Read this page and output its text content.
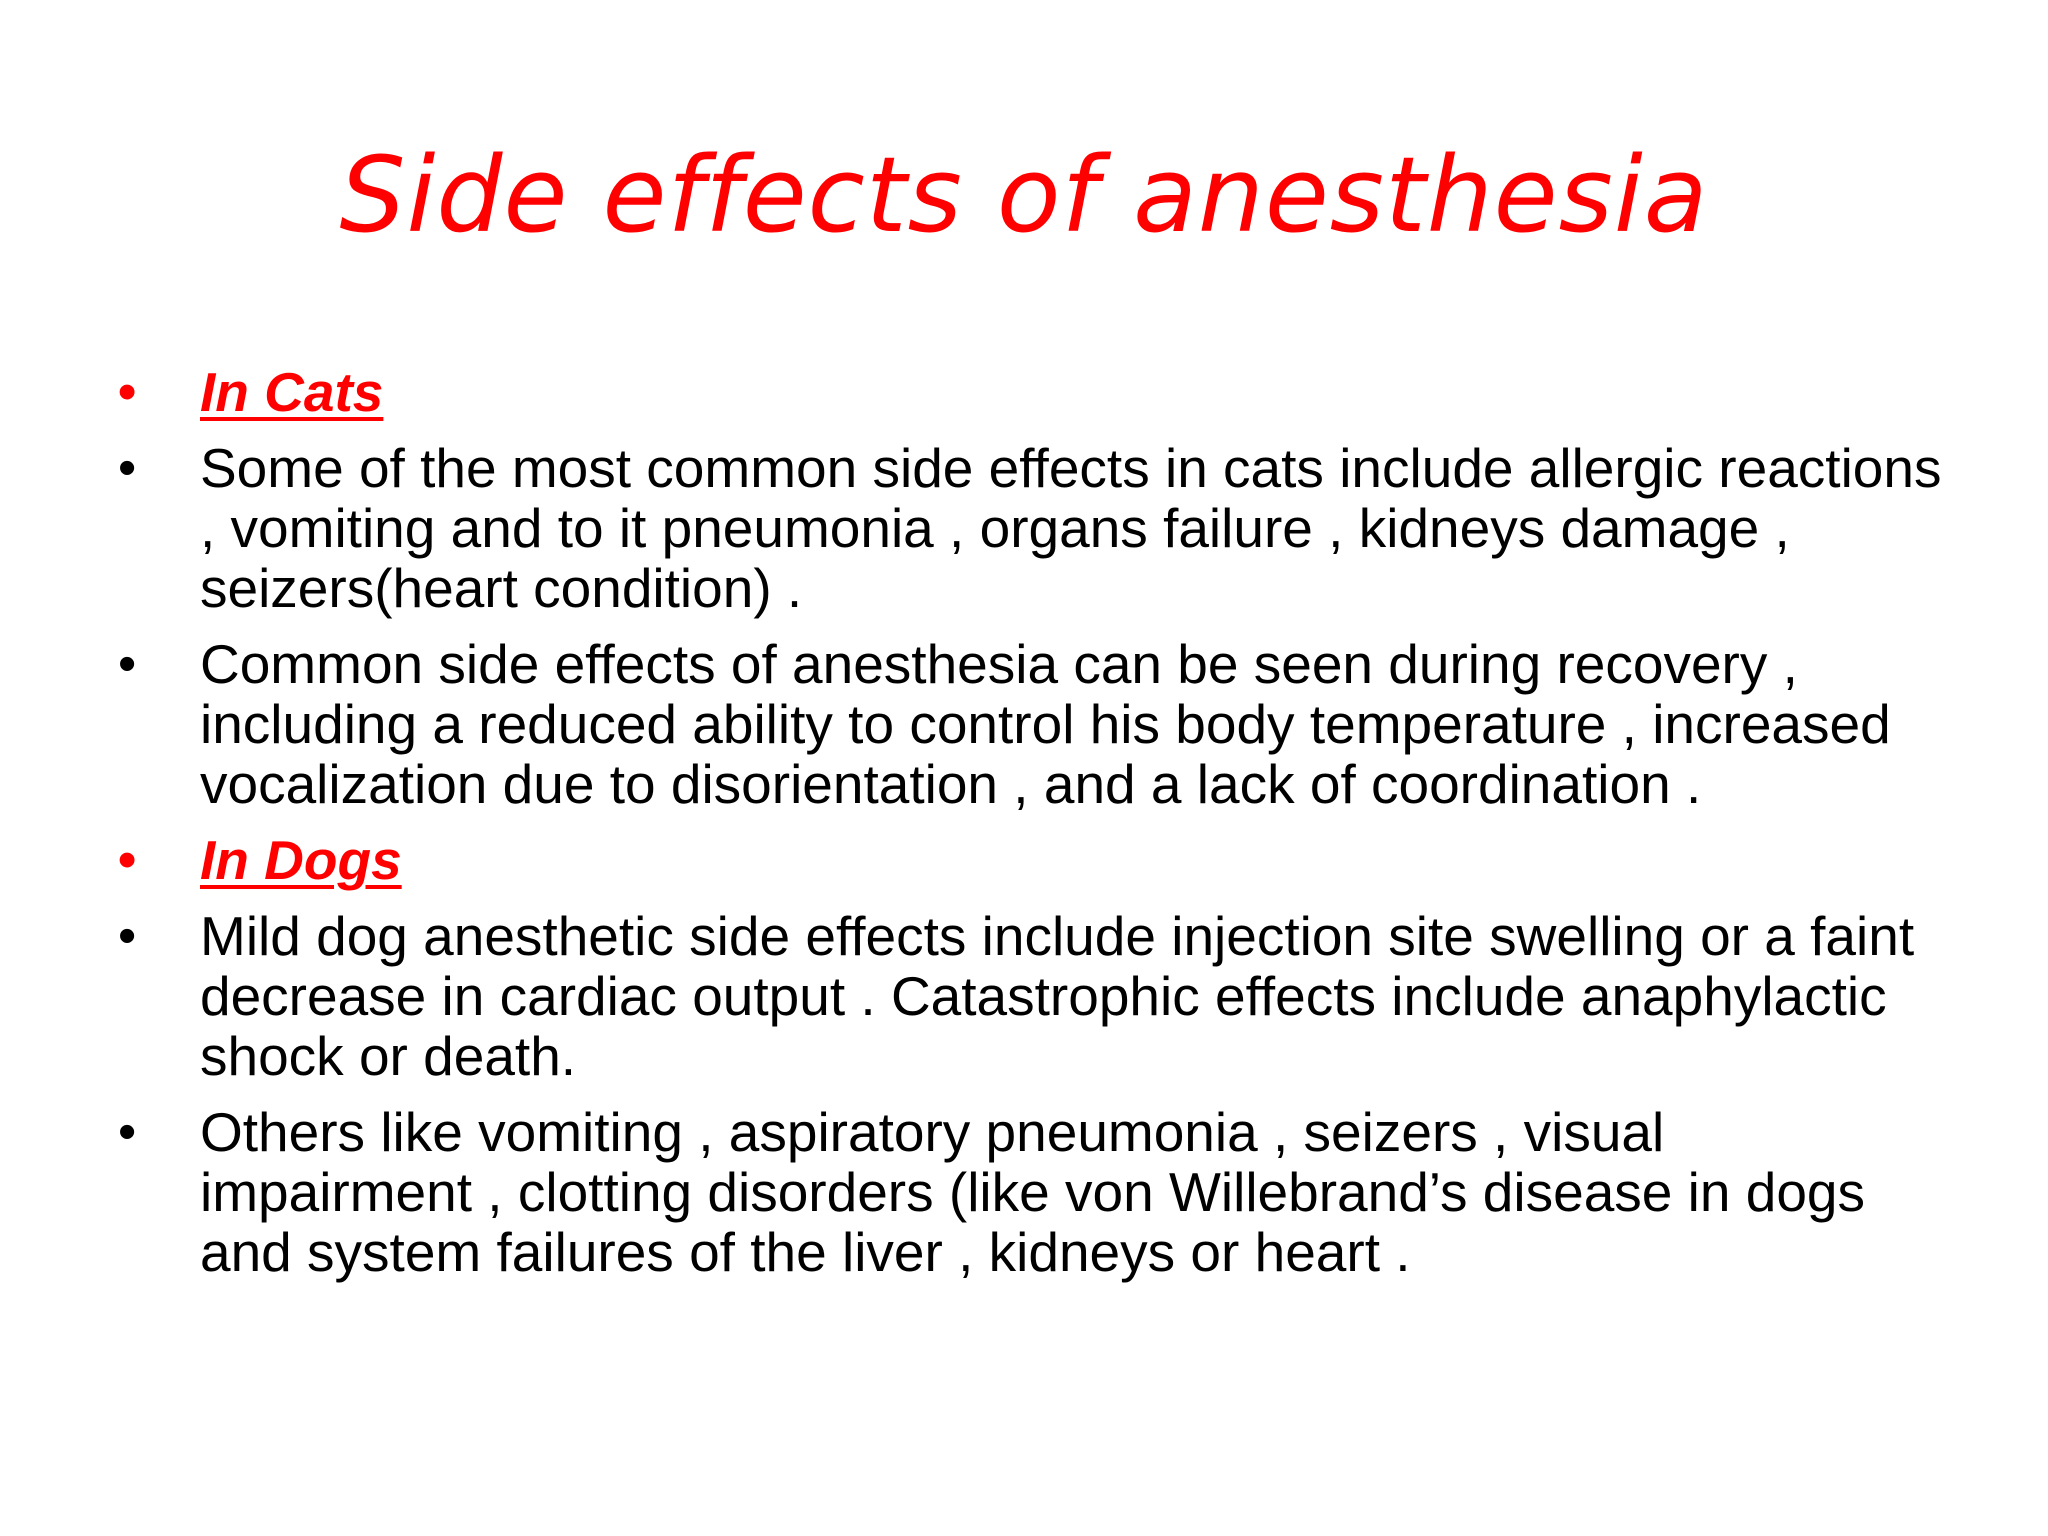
Side effects of anesthesia
•	In Cats
•	Some of the most common side effects in cats include allergic reactions , vomiting and to it pneumonia , organs failure , kidneys damage , seizers(heart condition) .
•	Common side effects of anesthesia can be seen during recovery , including a reduced ability to control his body temperature , increased vocalization due to disorientation , and a lack of coordination .
•	In Dogs
•	Mild dog anesthetic side effects include injection site swelling or a faint decrease in cardiac output . Catastrophic effects include anaphylactic shock or death.
•	Others like vomiting , aspiratory pneumonia , seizers , visual impairment , clotting disorders (like von Willebrand’s disease in dogs and system failures of the liver , kidneys or heart .
